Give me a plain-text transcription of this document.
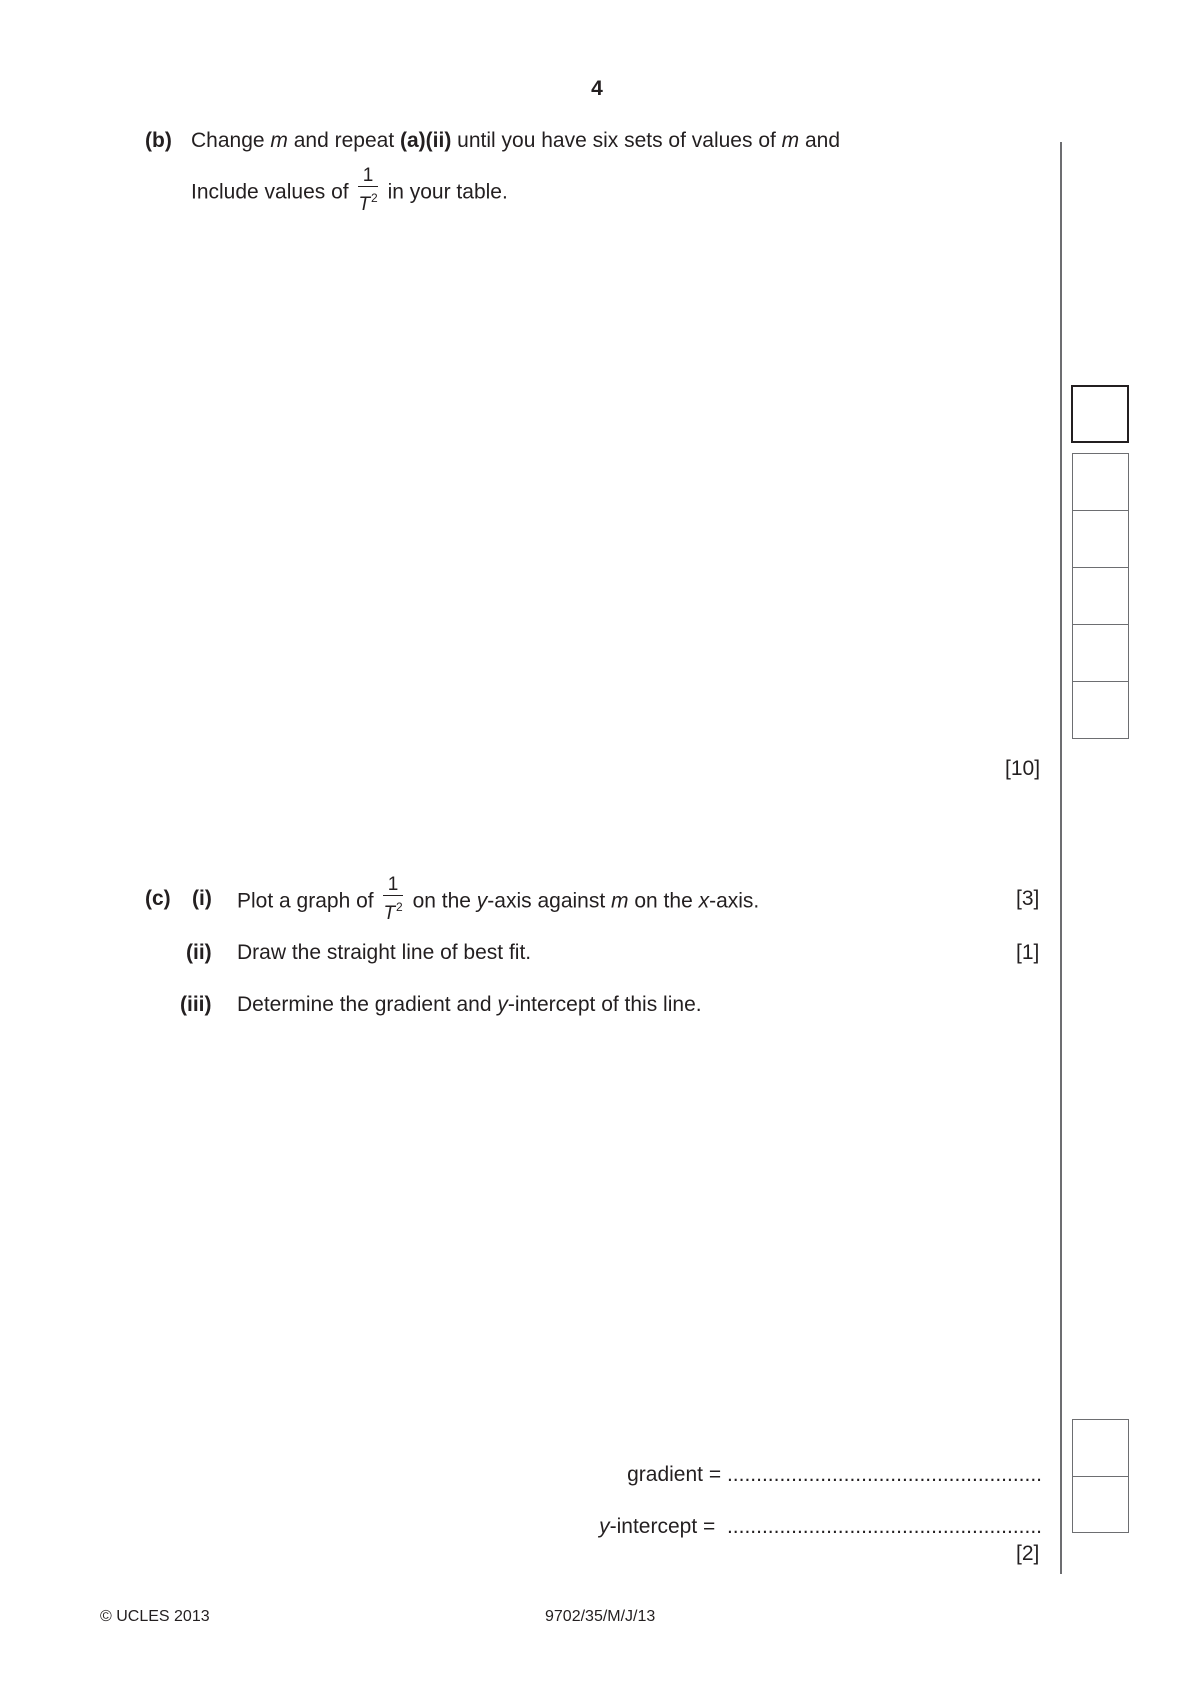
4
(b) Change m and repeat (a)(ii) until you have six sets of values of m and
Include values of $\frac{1}{T^2}$ in your table.
[10]
(c) (i) Plot a graph of $\frac{1}{T^2}$ on the y-axis against m on the x-axis.	[3]
(ii) Draw the straight line of best fit.	[1]
(iii) Determine the gradient and y-intercept of this line.
gradient = ......................................................
y-intercept = ......................................................
[2]
© UCLES 2013	9702/35/M/J/13
